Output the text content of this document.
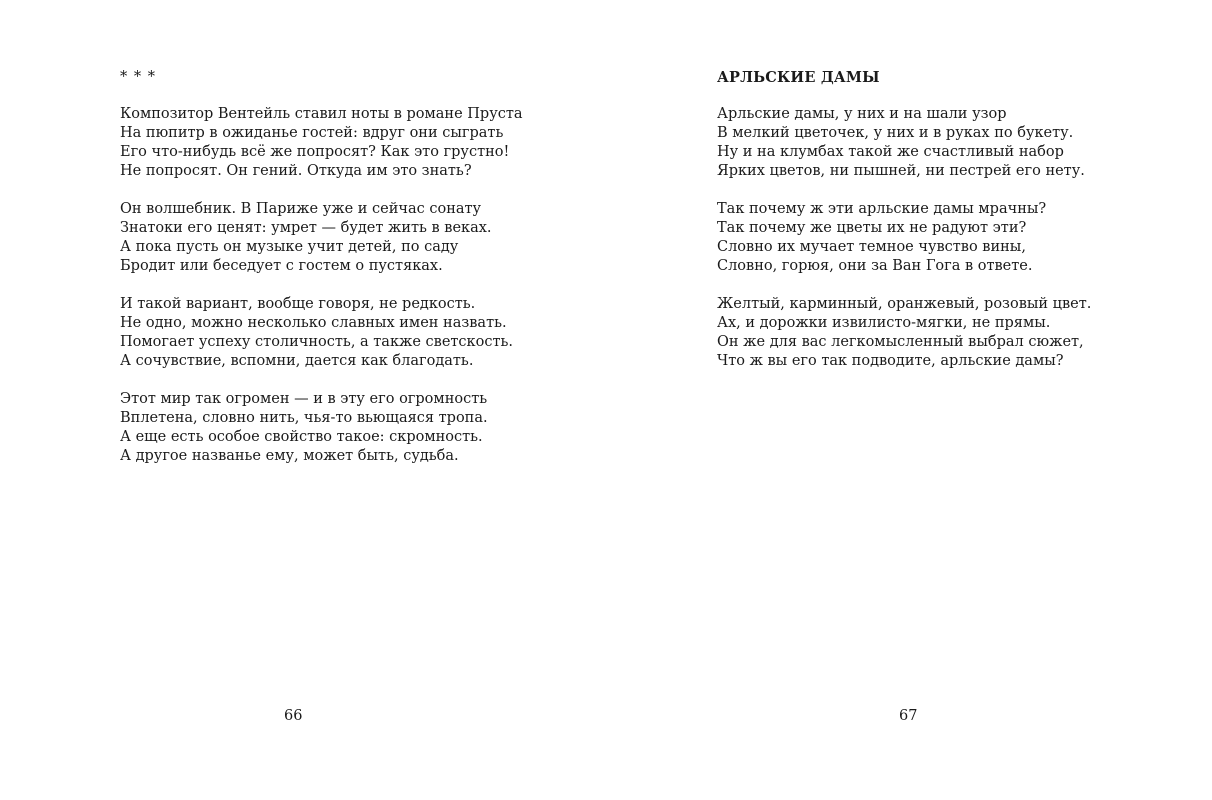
* * *
Композитор Вентейль ставил ноты в романе Пруста
На пюпитр в ожиданье гостей: вдруг они сыграть
Его что-нибудь всё же попросят? Как это грустно!
Не попросят. Он гений. Откуда им это знать?
Он волшебник. В Париже уже и сейчас сонату
Знатоки его ценят: умрет — будет жить в веках.
А пока пусть он музыке учит детей, по саду
Бродит или беседует с гостем о пустяках.
И такой вариант, вообще говоря, не редкость.
Не одно, можно несколько славных имен назвать.
Помогает успеху столичность, а также светскость.
А сочувствие, вспомни, дается как благодать.
Этот мир так огромен — и в эту его огромность
Вплетена, словно нить, чья-то вьющаяся тропа.
А еще есть особое свойство такое: скромность.
А другое названье ему, может быть, судьба.
66
АРЛЬСКИЕ ДАМЫ
Арльские дамы, у них и на шали узор
В мелкий цветочек, у них и в руках по букету.
Ну и на клумбах такой же счастливый набор
Ярких цветов, ни пышней, ни пестрей его нету.
Так почему ж эти арльские дамы мрачны?
Так почему же цветы их не радуют эти?
Словно их мучает темное чувство вины,
Словно, горюя, они за Ван Гога в ответе.
Желтый, карминный, оранжевый, розовый цвет.
Ах, и дорожки извилисто-мягки, не прямы.
Он же для вас легкомысленный выбрал сюжет,
Что ж вы его так подводите, арльские дамы?
67
